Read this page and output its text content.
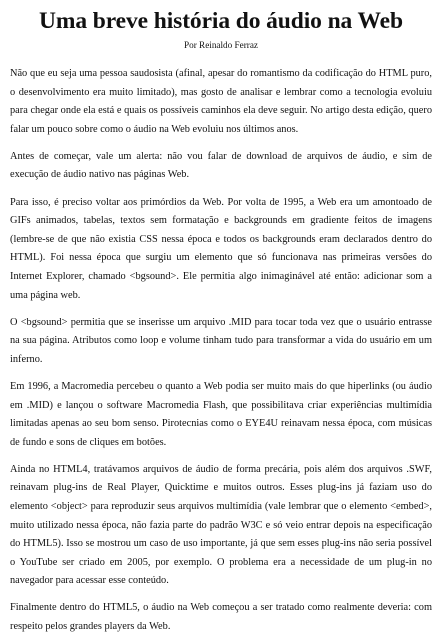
Uma breve história do áudio na Web
Por Reinaldo Ferraz

Não que eu seja uma pessoa saudosista (afinal, apesar do romantismo da codificação do HTML puro, o desenvolvimento era muito limitado), mas gosto de analisar e lembrar como a tecnologia evoluiu para chegar onde ela está e quais os possíveis caminhos ela deve seguir. No artigo desta edição, quero falar um pouco sobre como o áudio na Web evoluiu nos últimos anos.

Antes de começar, vale um alerta: não vou falar de download de arquivos de áudio, e sim de execução de áudio nativo nas páginas Web.

Para isso, é preciso voltar aos primórdios da Web. Por volta de 1995, a Web era um amontoado de GIFs animados, tabelas, textos sem formatação e backgrounds em gradiente feitos de imagens (lembre-se de que não existia CSS nessa época e todos os backgrounds eram declarados dentro do HTML). Foi nessa época que surgiu um elemento que só funcionava nas primeiras versões do Internet Explorer, chamado <bgsound>. Ele permitia algo inimaginável até então: adicionar som a uma página web.

O <bgsound> permitia que se inserisse um arquivo .MID para tocar toda vez que o usuário entrasse na sua página. Atributos como loop e volume tinham tudo para transformar a vida do usuário em um inferno.

Em 1996, a Macromedia percebeu o quanto a Web podia ser muito mais do que hiperlinks (ou áudio em .MID) e lançou o software Macromedia Flash, que possibilitava criar experiências multimídia limitadas apenas ao seu bom senso. Pirotecnias como o EYE4U reinavam nessa época, com músicas de fundo e sons de cliques em botões.

Ainda no HTML4, tratávamos arquivos de áudio de forma precária, pois além dos arquivos .SWF, reinavam plug-ins de Real Player, Quicktime e muitos outros. Esses plug-ins já faziam uso do elemento <object> para reproduzir seus arquivos multimídia (vale lembrar que o elemento <embed>, muito utilizado nessa época, não fazia parte do padrão W3C e só veio entrar depois na especificação do HTML5). Isso se mostrou um caso de uso importante, já que sem esses plug-ins não seria possível o YouTube ser criado em 2005, por exemplo. O problema era a necessidade de um plug-in no navegador para acessar esse conteúdo.

Finalmente dentro do HTML5, o áudio na Web começou a ser tratado como realmente deveria: com respeito pelos grandes players da Web.
